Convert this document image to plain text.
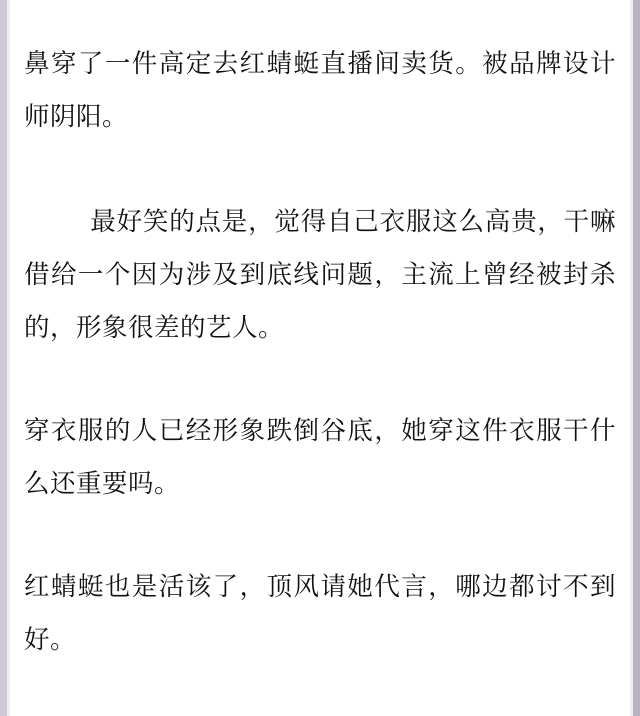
鼻穿了一件高定去红蜻蜓直播间卖货。被品牌设计师阴阳。

最好笑的点是，觉得自己衣服这么高贵，干嘛借给一个因为涉及到底线问题，主流上曾经被封杀的，形象很差的艺人。

穿衣服的人已经形象跌倒谷底，她穿这件衣服干什么还重要吗。

红蜻蜓也是活该了，顶风请她代言，哪边都讨不到好。
